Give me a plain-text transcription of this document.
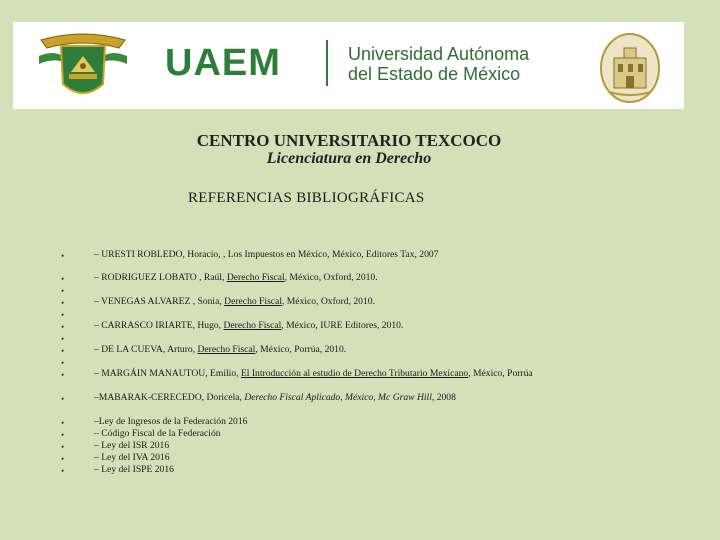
UAEM	Universidad Autónoma
del Estado de México
CENTRO UNIVERSITARIO TEXCOCO
Licenciatura en Derecho
REFERENCIAS BIBLIOGRÁFICAS
•
•
•
•
•
•
•
•
•
•
•
•
•
•
•
•
– URESTI ROBLEDO, Horacio, , Los Impuestos en México, México, Editores Tax, 2007
– RODRIGUEZ LOBATO , Raúl, Derecho Fiscal, México, Oxford, 2010.
– VENEGAS ALVAREZ , Sonia, Derecho Fiscal, México, Oxford, 2010.
– CARRASCO IRIARTE, Hugo, Derecho Fiscal, México, IURE Editores, 2010.
– DE LA CUEVA, Arturo, Derecho Fiscal, México, Porrúa, 2010.
– MARGÁIN MANAUTOU, Emilio, El Introducción al estudio de Derecho Tributario Mexicano, México, Porrúa
–MABARAK-CERECEDO, Doricela, Derecho Fiscal Aplicado, México, Mc Graw Hill, 2008
–Ley de Ingresos de la Federación 2016
– Código Fiscal de la Federación
– Ley del ISR 2016
– Ley del IVA 2016
– Ley del ISPE 2016
